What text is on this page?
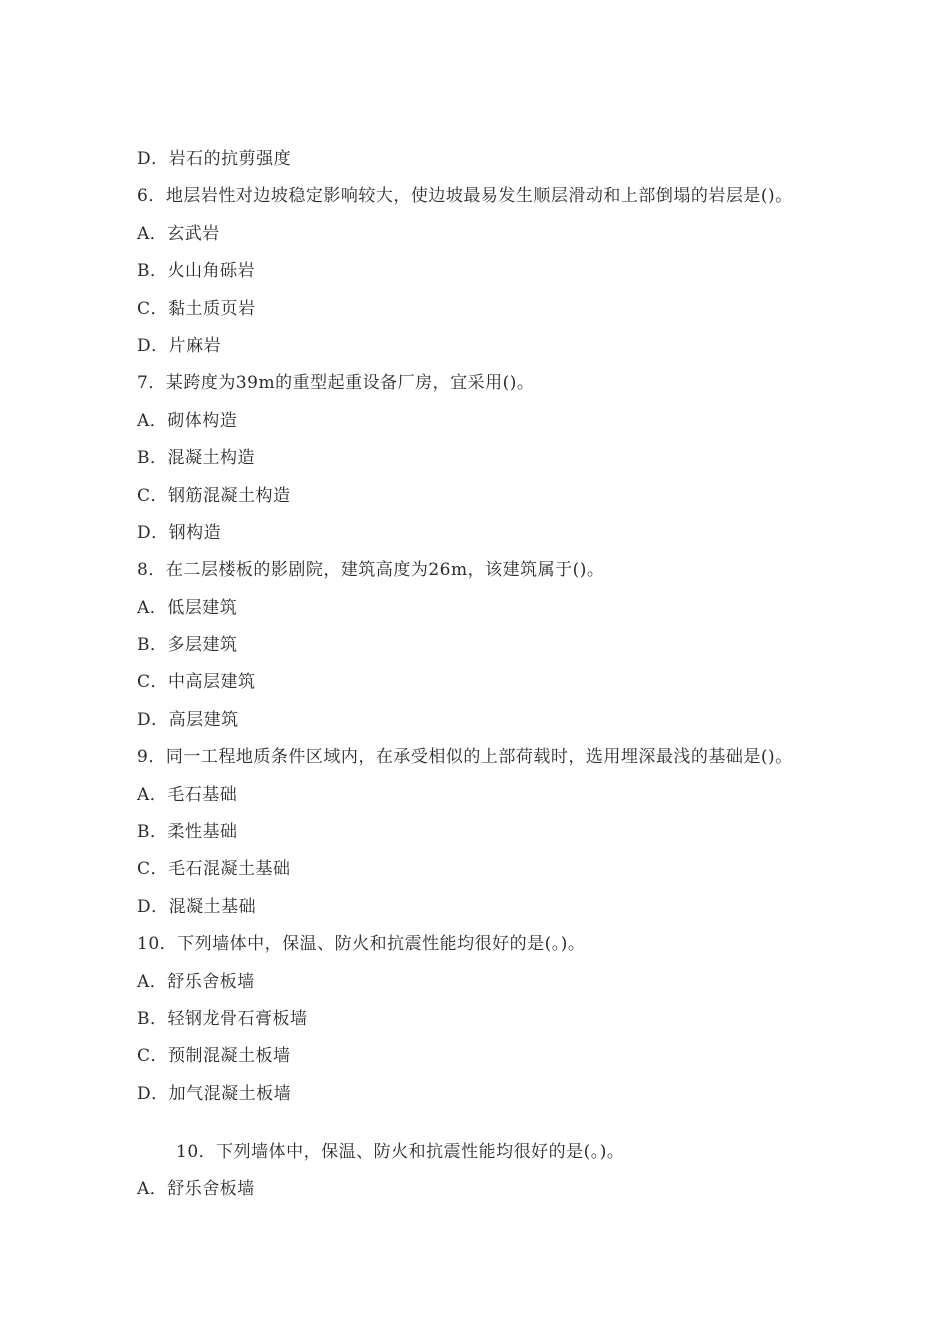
D．岩石的抗剪强度
6．地层岩性对边坡稳定影响较大，使边坡最易发生顺层滑动和上部倒塌的岩层是()。
A．玄武岩
B．火山角砾岩
C．黏土质页岩
D．片麻岩
7．某跨度为39m的重型起重设备厂房，宜采用()。
A．砌体构造
B．混凝土构造
C．钢筋混凝土构造
D．钢构造
8．在二层楼板的影剧院，建筑高度为26m，该建筑属于()。
A．低层建筑
B．多层建筑
C．中高层建筑
D．高层建筑
9．同一工程地质条件区域内，在承受相似的上部荷载时，选用埋深最浅的基础是()。
A．毛石基础
B．柔性基础
C．毛石混凝土基础
D．混凝土基础
10．下列墙体中，保温、防火和抗震性能均很好的是(。)。
A．舒乐舍板墙
B．轻钢龙骨石膏板墙
C．预制混凝土板墙
D．加气混凝土板墙
10．下列墙体中，保温、防火和抗震性能均很好的是(。)。
A．舒乐舍板墙
